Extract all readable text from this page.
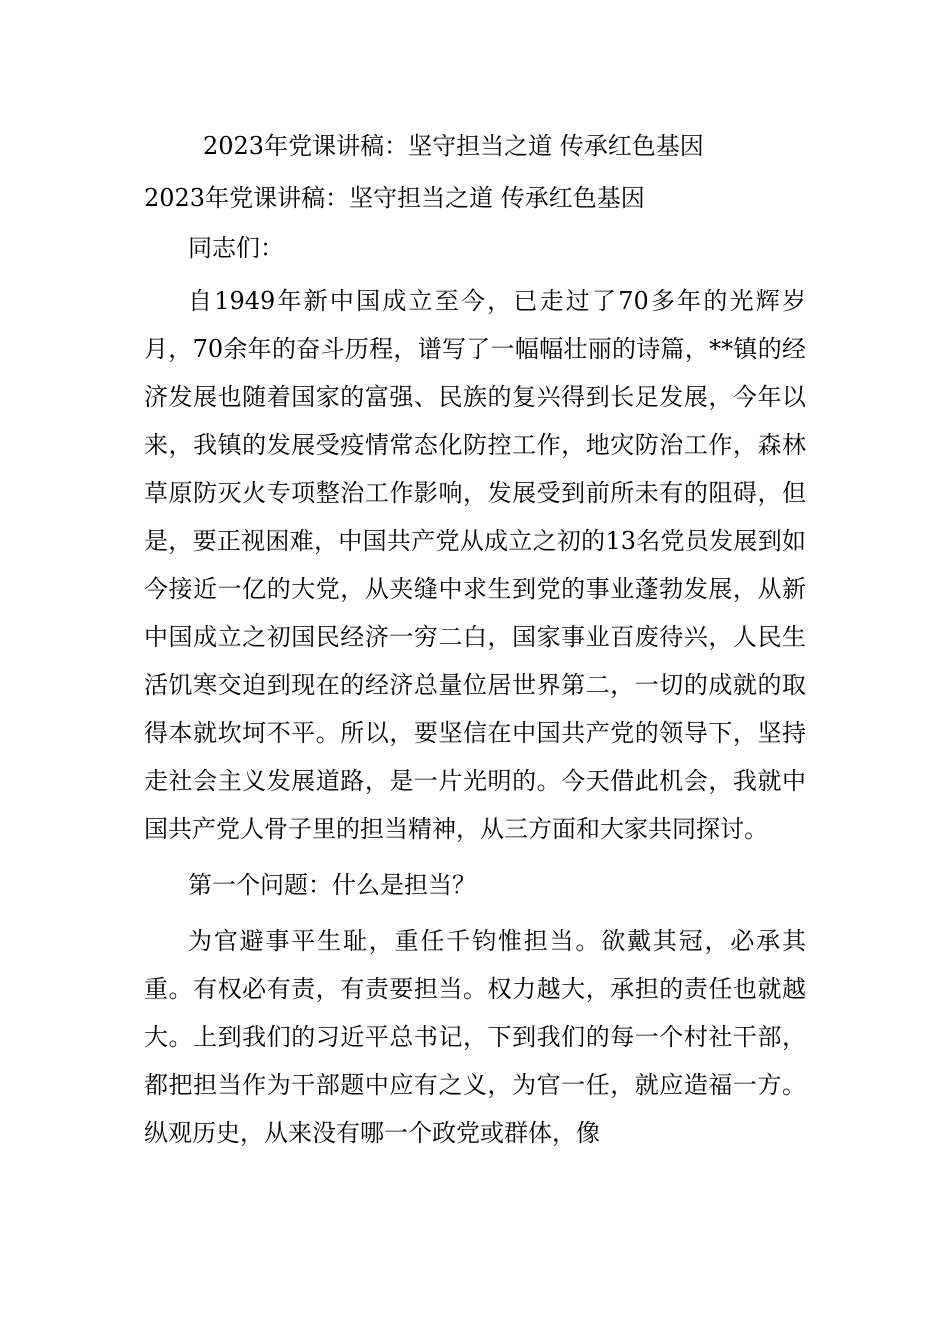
2023年党课讲稿：坚守担当之道 传承红色基因
2023年党课讲稿：坚守担当之道 传承红色基因

同志们：

自1949年新中国成立至今，已走过了70多年的光辉岁月，70余年的奋斗历程，谱写了一幅幅壮丽的诗篇，**镇的经济发展也随着国家的富强、民族的复兴得到长足发展，今年以来，我镇的发展受疫情常态化防控工作，地灾防治工作，森林草原防灭火专项整治工作影响，发展受到前所未有的阻碍，但是，要正视困难，中国共产党从成立之初的13名党员发展到如今接近一亿的大党，从夹缝中求生到党的事业蓬勃发展，从新中国成立之初国民经济一穷二白，国家事业百废待兴，人民生活饥寒交迫到现在的经济总量位居世界第二，一切的成就的取得本就坎坷不平。所以，要坚信在中国共产党的领导下，坚持走社会主义发展道路，是一片光明的。今天借此机会，我就中国共产党人骨子里的担当精神，从三方面和大家共同探讨。

第一个问题：什么是担当？

为官避事平生耻，重任千钧惟担当。欲戴其冠，必承其重。有权必有责，有责要担当。权力越大，承担的责任也就越大。上到我们的习近平总书记，下到我们的每一个村社干部，都把担当作为干部题中应有之义，为官一任，就应造福一方。纵观历史，从来没有哪一个政党或群体，像
